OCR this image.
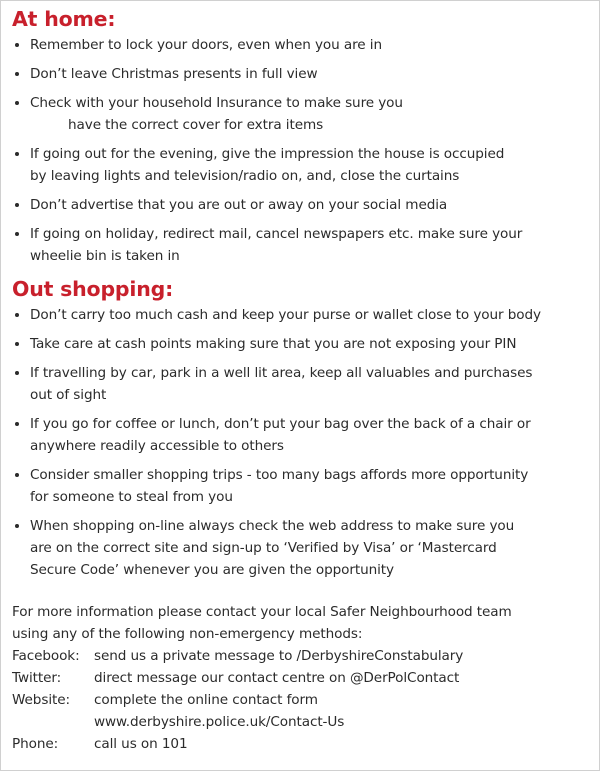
At home:
Remember to lock your doors, even when you are in
Don’t leave Christmas presents in full view
Check with your household Insurance to make sure you
have the correct cover for extra items
If going out for the evening, give the impression the house is occupied
by leaving lights and television/radio on, and, close the curtains
Don’t advertise that you are out or away on your social media
If going on holiday, redirect mail, cancel newspapers etc. make sure your
wheelie bin is taken in
Out shopping:
Don’t carry too much cash and keep your purse or wallet close to your body
Take care at cash points making sure that you are not exposing your PIN
If travelling by car, park in a well lit area, keep all valuables and purchases
out of sight
If you go for coffee or lunch, don’t put your bag over the back of a chair or
anywhere readily accessible to others
Consider smaller shopping trips - too many bags affords more opportunity
for someone to steal from you
When shopping on-line always check the web address to make sure you
are on the correct site and sign-up to ‘Verified by Visa’ or ‘Mastercard
Secure Code’ whenever you are given the opportunity

For more information please contact your local Safer Neighbourhood team
using any of the following non-emergency methods:

Facebook:	send us a private message to /DerbyshireConstabulary
Twitter:	direct message our contact centre on @DerPolContact
Website:	complete the online contact form
www.derbyshire.police.uk/Contact-Us
Phone:	call us on 101
